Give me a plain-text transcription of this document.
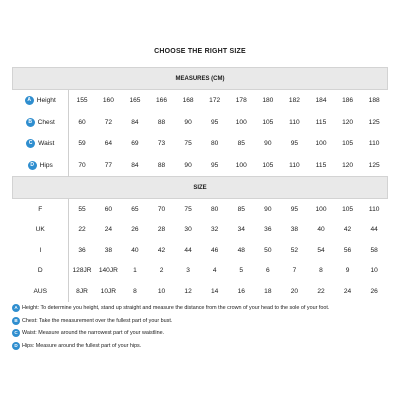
CHOOSE THE RIGHT SIZE
MEASURES (CM)												
A Height	155	160	165	166	168	172	178	180	182	184	186	188
B Chest	60	72	84	88	90	95	100	105	110	115	120	125
C Waist	59	64	69	73	75	80	85	90	95	100	105	110
D Hips	70	77	84	88	90	95	100	105	110	115	120	125
SIZE												
F	55	60	65	70	75	80	85	90	95	100	105	110
UK	22	24	26	28	30	32	34	36	38	40	42	44
I	36	38	40	42	44	46	48	50	52	54	56	58
D	128JR	140JR	1	2	3	4	5	6	7	8	9	10
AUS	8JR	10JR	8	10	12	14	16	18	20	22	24	26
A Height: To determine you height, stand up straight and measure the distance from the crown of your head to the sole of your foot.
B Chest: Take the measurement over the fullest part of your bust.
C Waist: Measure around the narrowest part of your waistline.
D Hips: Measure around the fullest part of your hips.
